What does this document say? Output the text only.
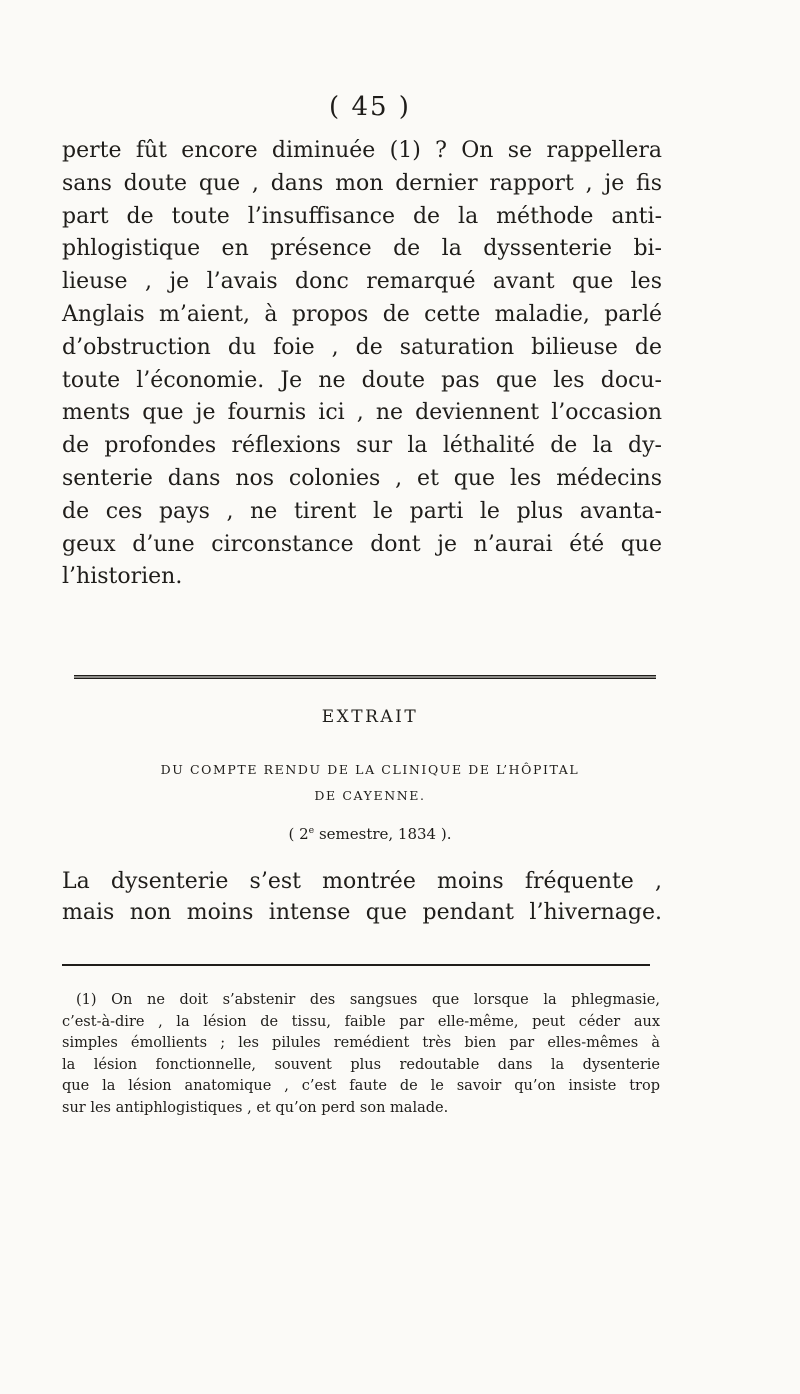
( 45 )
perte fût encore diminuée (1) ? On se rappellera
sans doute que , dans mon dernier rapport , je fis
part de toute l’insuffisance de la méthode anti-
phlogistique en présence de la dyssenterie bi-
lieuse , je l’avais donc remarqué avant que les
Anglais m’aient, à propos de cette maladie, parlé
d’obstruction du foie , de saturation bilieuse de
toute l’économie. Je ne doute pas que les docu-
ments que je fournis ici , ne deviennent l’occasion
de profondes réflexions sur la léthalité de la dy-
senterie dans nos colonies , et que les médecins
de ces pays , ne tirent le parti le plus avanta-
geux d’une circonstance dont je n’aurai été que
l’historien.
EXTRAIT
DU COMPTE RENDU DE LA CLINIQUE DE L’HÔPITAL
DE CAYENNE.
( 2e semestre, 1834 ).
La dysenterie s’est montrée moins fréquente ,
mais non moins intense que pendant l’hivernage.
(1) On ne doit s’abstenir des sangsues que lorsque la phlegmasie,
c’est-à-dire , la lésion de tissu, faible par elle-même, peut céder aux
simples émollients ; les pilules remédient très bien par elles-mêmes à
la lésion fonctionnelle, souvent plus redoutable dans la dysenterie
que la lésion anatomique , c’est faute de le savoir qu’on insiste trop
sur les antiphlogistiques , et qu’on perd son malade.
